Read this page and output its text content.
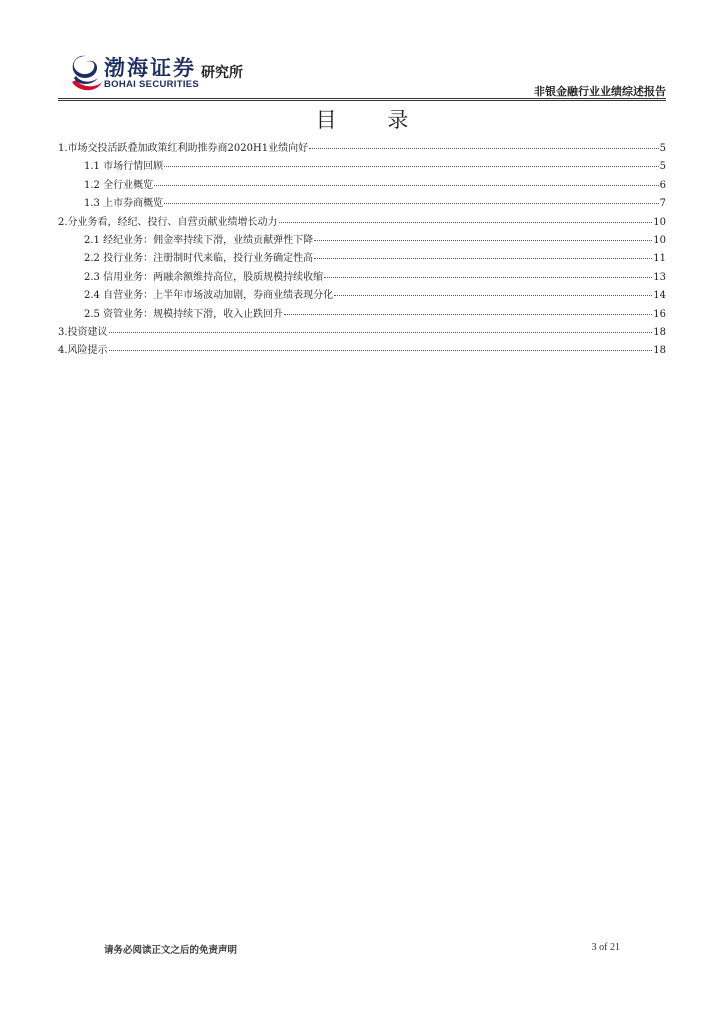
渤海证券
BOHAI SECURITIES
研究所
非银金融行业业绩综述报告
目 录
1.市场交投活跃叠加政策红利助推券商2020H1业绩向好	5
1.1 市场行情回顾	5
1.2 全行业概览	6
1.3 上市券商概览	7
2.分业务看，经纪、投行、自营贡献业绩增长动力	10
2.1 经纪业务：佣金率持续下滑，业绩贡献弹性下降	10
2.2 投行业务：注册制时代来临，投行业务确定性高	11
2.3 信用业务：两融余额维持高位，股质规模持续收缩	13
2.4 自营业务：上半年市场波动加剧，券商业绩表现分化	14
2.5 资管业务：规模持续下滑，收入止跌回升	16
3.投资建议	18
4.风险提示	18
请务必阅读正文之后的免责声明	3 of 21
